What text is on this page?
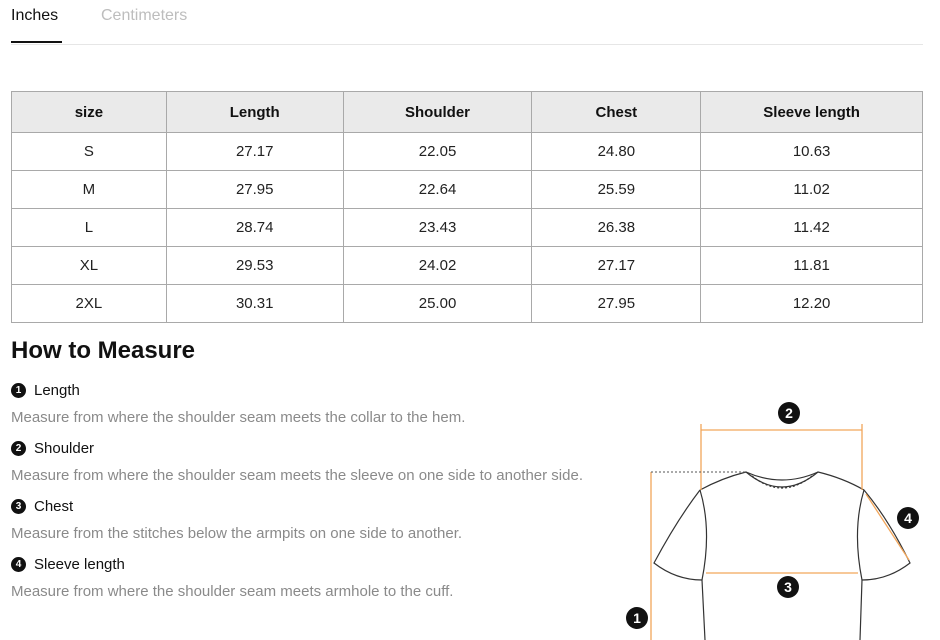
Inches	Centimeters
size	Length	Shoulder	Chest	Sleeve length
S	27.17	22.05	24.80	10.63
M	27.95	22.64	25.59	11.02
L	28.74	23.43	26.38	11.42
XL	29.53	24.02	27.17	11.81
2XL	30.31	25.00	27.95	12.20
How to Measure
1 Length
Measure from where the shoulder seam meets the collar to the hem.
2 Shoulder
Measure from where the shoulder seam meets the sleeve on one side to another side.
3 Chest
Measure from the stitches below the armpits on one side to another.
4 Sleeve length
Measure from where the shoulder seam meets armhole to the cuff.
2
3
4
1
